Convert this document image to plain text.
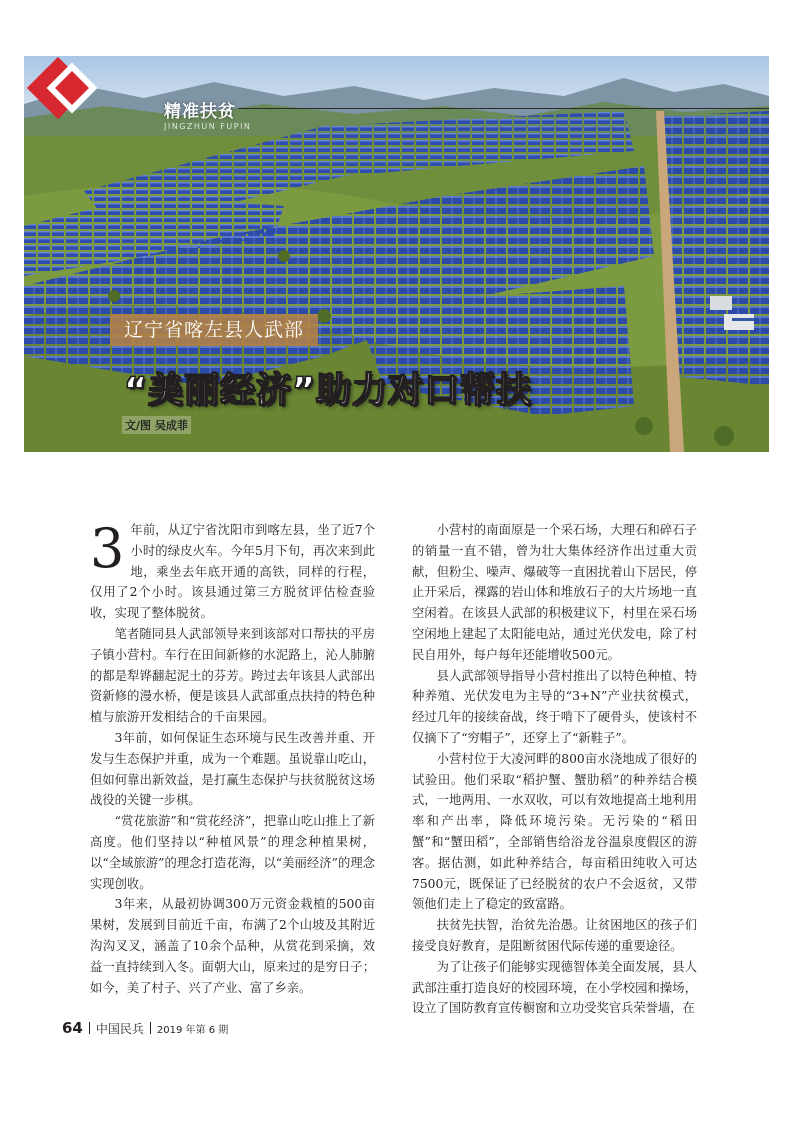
精准扶贫
JINGZHUN FUPIN
辽宁省喀左县人武部
“美丽经济”助力对口帮扶
文/图 吴成菲

3 年前，从辽宁省沈阳市到喀左县，坐了近7个小时的绿皮火车。今年5月下旬，再次来到此地，乘坐去年底开通的高铁，同样的行程，仅用了2个小时。该县通过第三方脱贫评估检查验收，实现了整体脱贫。

笔者随同县人武部领导来到该部对口帮扶的平房子镇小营村。车行在田间新修的水泥路上，沁人肺腑的都是犁铧翻起泥土的芬芳。跨过去年该县人武部出资新修的漫水桥，便是该县人武部重点扶持的特色种植与旅游开发相结合的千亩果园。

3年前，如何保证生态环境与民生改善并重、开发与生态保护并重，成为一个难题。虽说靠山吃山，但如何靠出新效益，是打赢生态保护与扶贫脱贫这场战役的关键一步棋。

“赏花旅游”和“赏花经济”，把靠山吃山推上了新高度。他们坚持以“种植风景”的理念种植果树，以“全域旅游”的理念打造花海，以“美丽经济”的理念实现创收。

3年来，从最初协调300万元资金栽植的500亩果树，发展到目前近千亩，布满了2个山坡及其附近沟沟叉叉，涵盖了10余个品种，从赏花到采摘，效益一直持续到入冬。面朝大山，原来过的是穷日子；如今，美了村子、兴了产业、富了乡亲。

小营村的南面原是一个采石场，大理石和碎石子的销量一直不错，曾为壮大集体经济作出过重大贡献，但粉尘、噪声、爆破等一直困扰着山下居民，停止开采后，裸露的岩山体和堆放石子的大片场地一直空闲着。在该县人武部的积极建议下，村里在采石场空闲地上建起了太阳能电站，通过光伏发电，除了村民自用外，每户每年还能增收500元。

县人武部领导指导小营村推出了以特色种植、特种养殖、光伏发电为主导的“3+N”产业扶贫模式，经过几年的接续奋战，终于啃下了硬骨头，使该村不仅摘下了“穷帽子”，还穿上了“新鞋子”。

小营村位于大凌河畔的800亩水浇地成了很好的试验田。他们采取“稻护蟹、蟹肋稻”的种养结合模式，一地两用、一水双收，可以有效地提高土地利用率和产出率，降低环境污染。无污染的“稻田蟹”和“蟹田稻”，全部销售给浴龙谷温泉度假区的游客。据估测，如此种养结合，每亩稻田纯收入可达7500元，既保证了已经脱贫的农户不会返贫，又带领他们走上了稳定的致富路。

扶贫先扶智，治贫先治愚。让贫困地区的孩子们接受良好教育，是阻断贫困代际传递的重要途径。

为了让孩子们能够实现德智体美全面发展，县人武部注重打造良好的校园环境，在小学校园和操场，设立了国防教育宣传橱窗和立功受奖官兵荣誉墙，在

64 中国民兵 2019 年第 6 期
